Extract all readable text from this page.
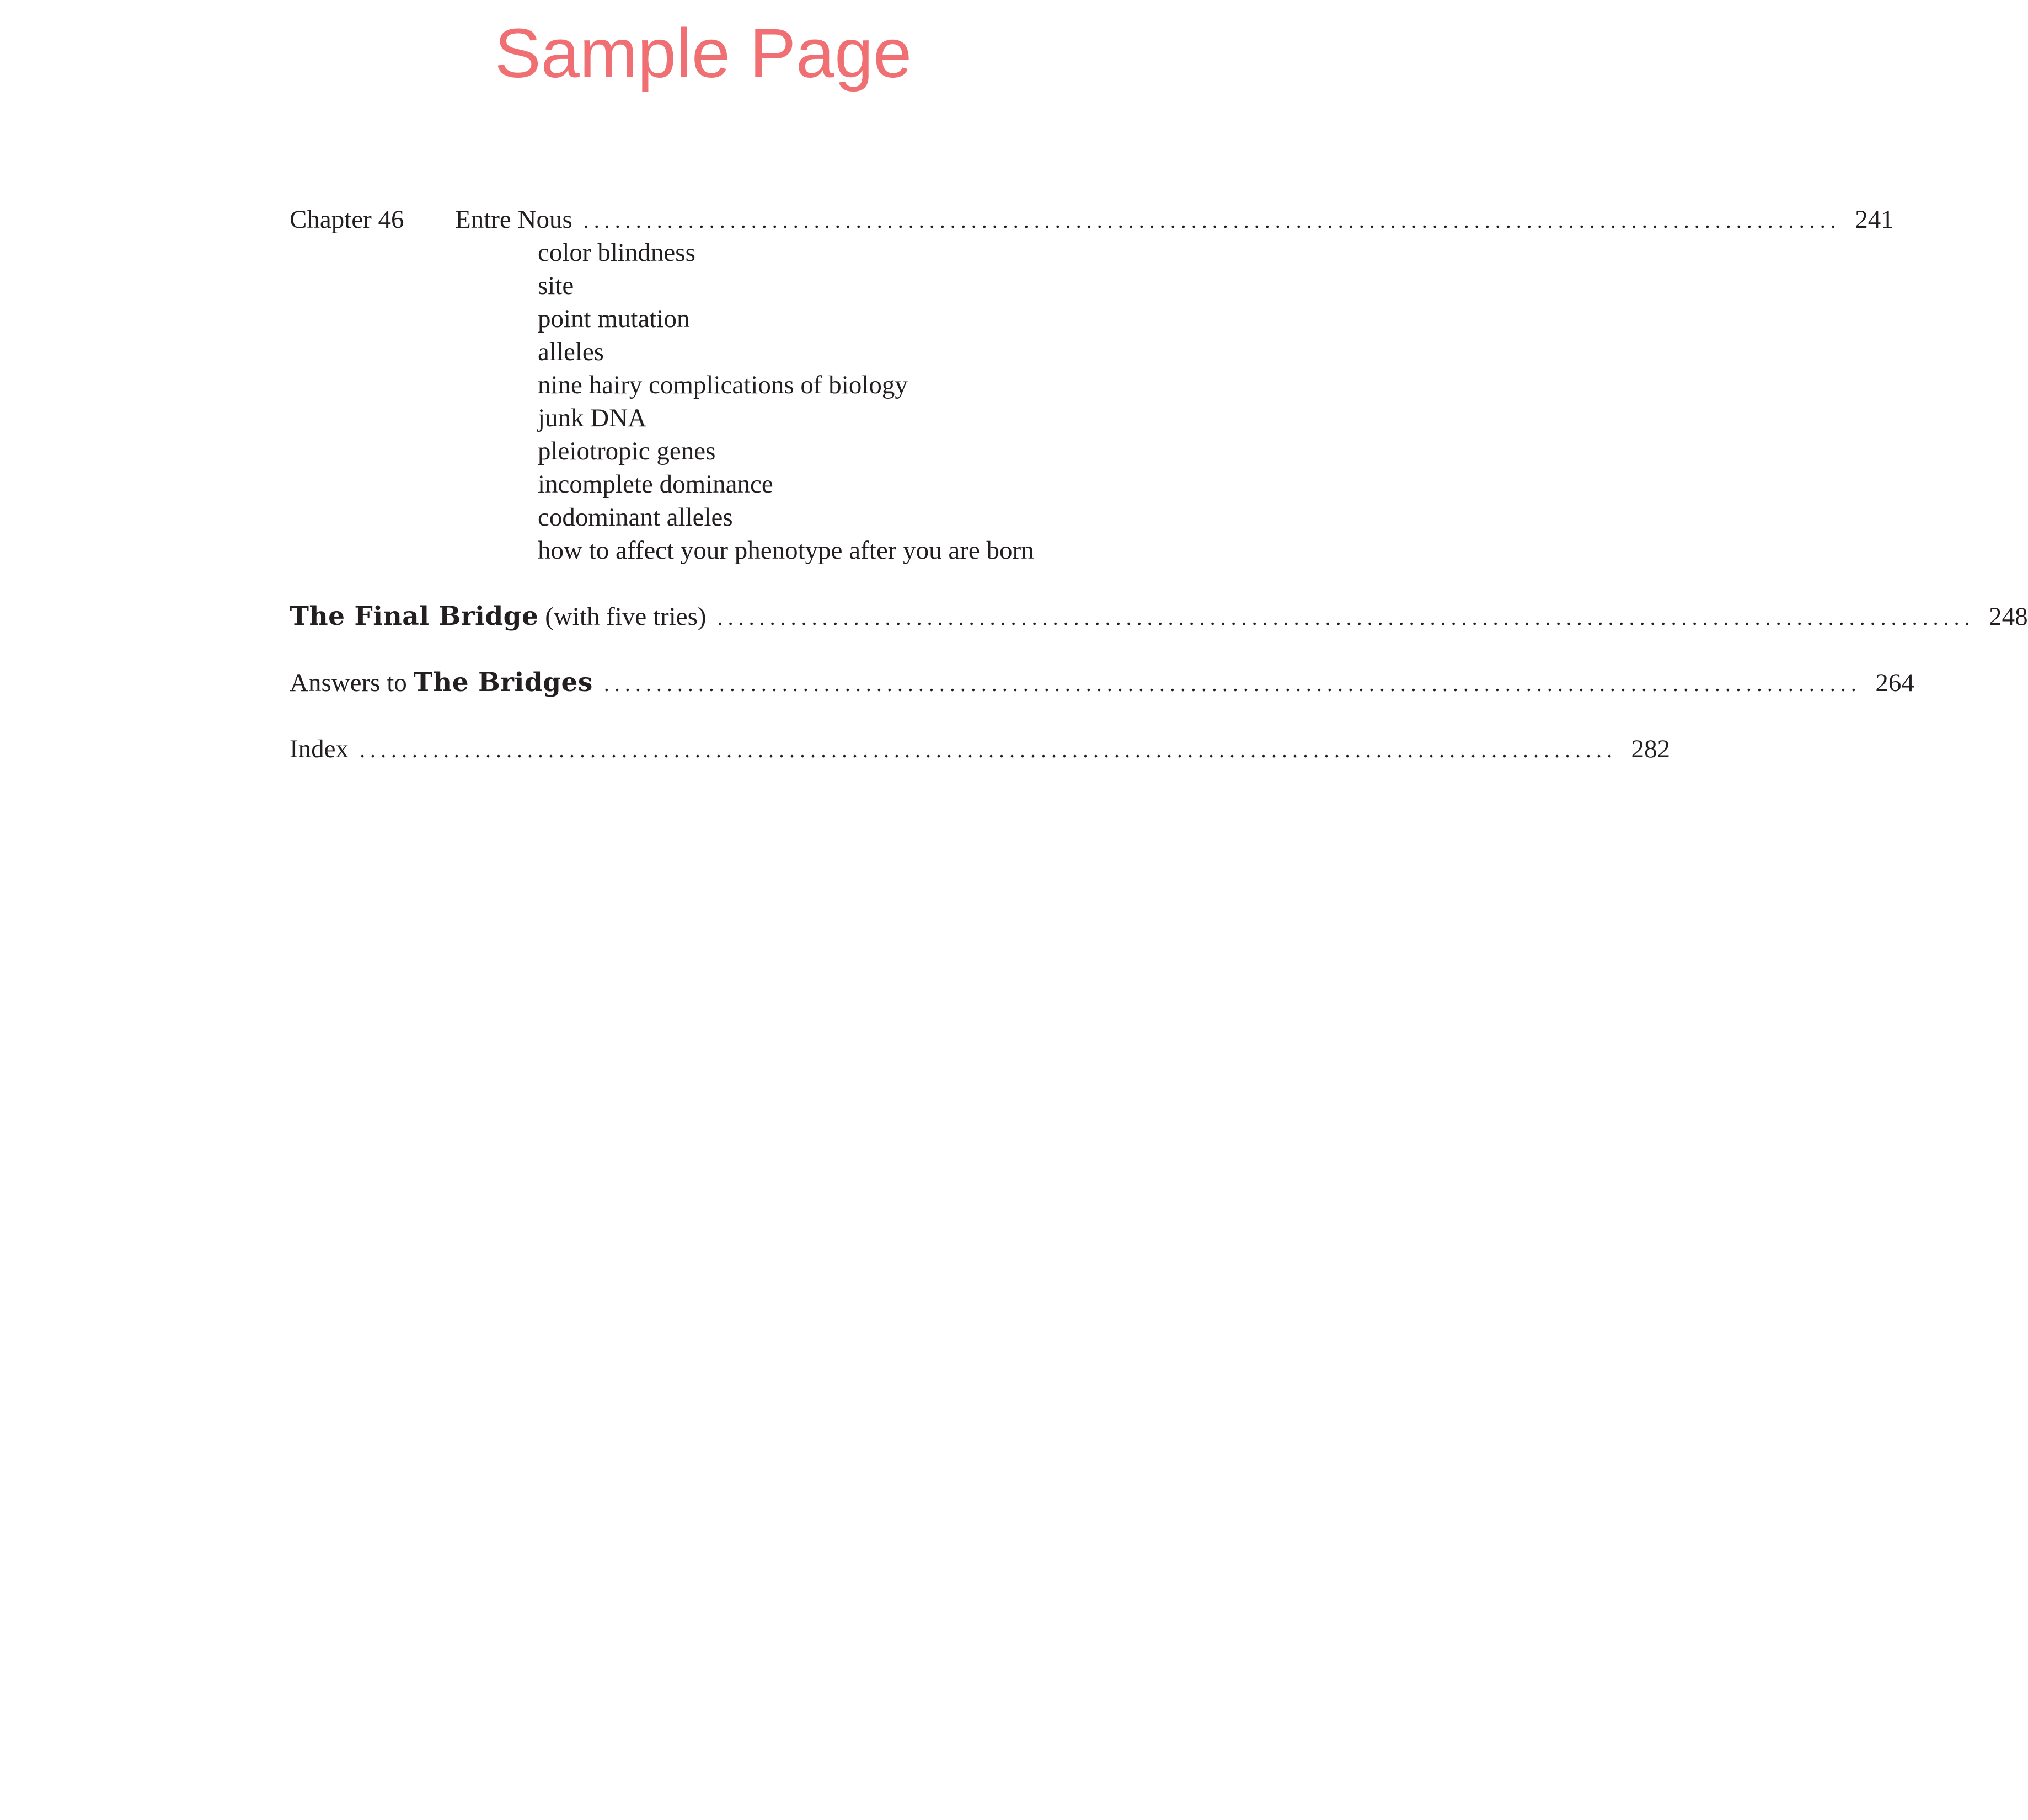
Sample Page
Chapter 46	Entre Nous ........................................................................................................................ 241
color blindness
site
point mutation
alleles
nine hairy complications of biology
junk DNA
pleiotropic genes
incomplete dominance
codominant alleles
how to affect your phenotype after you are born
The Final Bridge (with five tries) ........................................................................................................................ 248
Answers to The Bridges ........................................................................................................................ 264
Index ........................................................................................................................ 282
